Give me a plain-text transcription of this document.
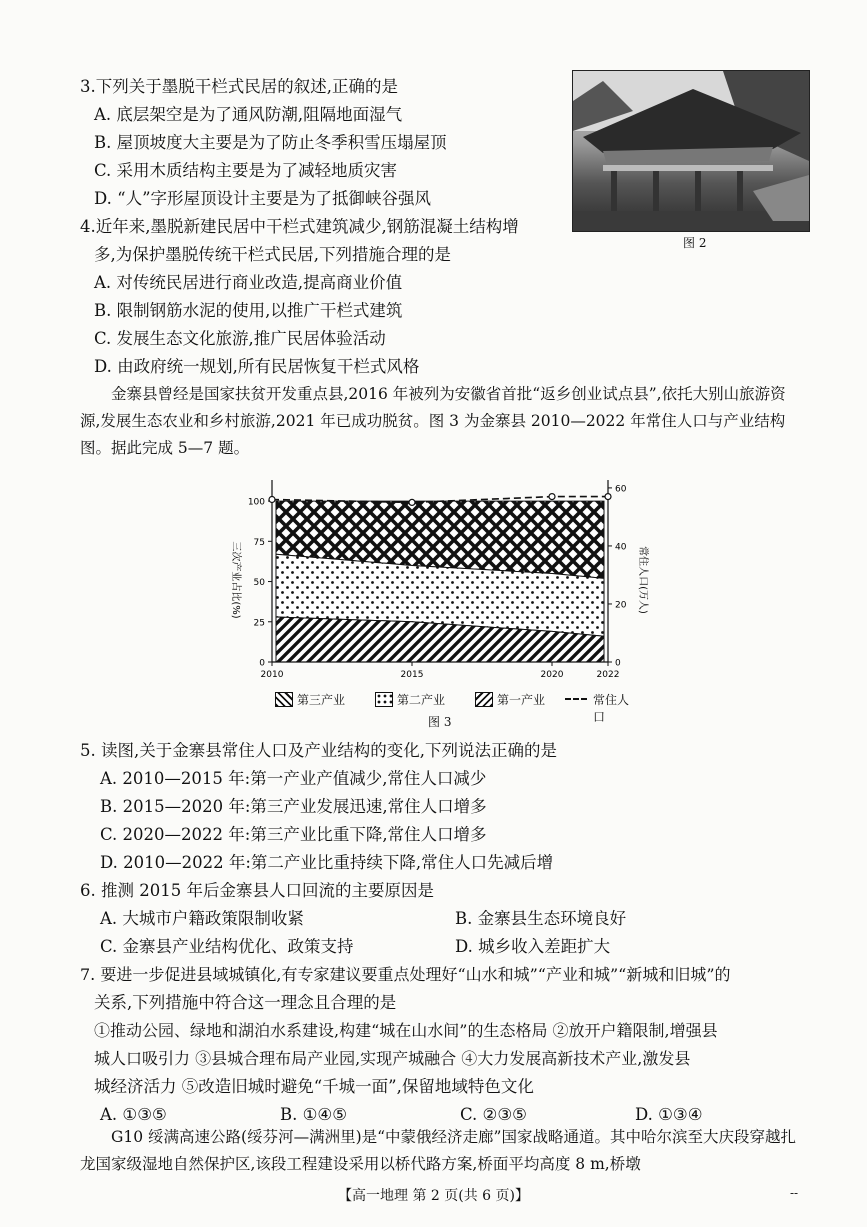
3.下列关于墨脱干栏式民居的叙述,正确的是
A. 底层架空是为了通风防潮,阻隔地面湿气
B. 屋顶坡度大主要是为了防止冬季积雪压塌屋顶
C. 采用木质结构主要是为了减轻地质灾害
D. “人”字形屋顶设计主要是为了抵御峡谷强风
图 2
4.近年来,墨脱新建民居中干栏式建筑减少,钢筋混凝土结构增
多,为保护墨脱传统干栏式民居,下列措施合理的是
A. 对传统民居进行商业改造,提高商业价值
B. 限制钢筋水泥的使用,以推广干栏式建筑
C. 发展生态文化旅游,推广民居体验活动
D. 由政府统一规划,所有民居恢复干栏式风格
金寨县曾经是国家扶贫开发重点县,2016 年被列为安徽省首批“返乡创业试点县”,依托大别山旅游资源,发展生态农业和乡村旅游,2021 年已成功脱贫。图 3 为金寨县 2010—2022 年常住人口与产业结构图。据此完成 5—7 题。
三次产业占比(%)	常住人口(万人)
0
25
50
75
100
0
20
40
60
2010	2015	2020	2022
第三产业	第二产业	第一产业	常住人口
图 3
5. 读图,关于金寨县常住人口及产业结构的变化,下列说法正确的是
A. 2010—2015 年:第一产业产值减少,常住人口减少
B. 2015—2020 年:第三产业发展迅速,常住人口增多
C. 2020—2022 年:第三产业比重下降,常住人口增多
D. 2010—2022 年:第二产业比重持续下降,常住人口先减后增
6. 推测 2015 年后金寨县人口回流的主要原因是
A. 大城市户籍政策限制收紧	B. 金寨县生态环境良好
C. 金寨县产业结构优化、政策支持	D. 城乡收入差距扩大
7. 要进一步促进县域城镇化,有专家建议要重点处理好“山水和城”“产业和城”“新城和旧城”的
关系,下列措施中符合这一理念且合理的是
①推动公园、绿地和湖泊水系建设,构建“城在山水间”的生态格局 ②放开户籍限制,增强县
城人口吸引力 ③县城合理布局产业园,实现产城融合 ④大力发展高新技术产业,激发县
城经济活力 ⑤改造旧城时避免“千城一面”,保留地域特色文化
A. ①③⑤	B. ①④⑤	C. ②③⑤	D. ①③④
G10 绥满高速公路(绥芬河—满洲里)是“中蒙俄经济走廊”国家战略通道。其中哈尔滨至大庆段穿越扎龙国家级湿地自然保护区,该段工程建设采用以桥代路方案,桥面平均高度 8 m,桥墩
【高一地理 第 2 页(共 6 页)】	--
